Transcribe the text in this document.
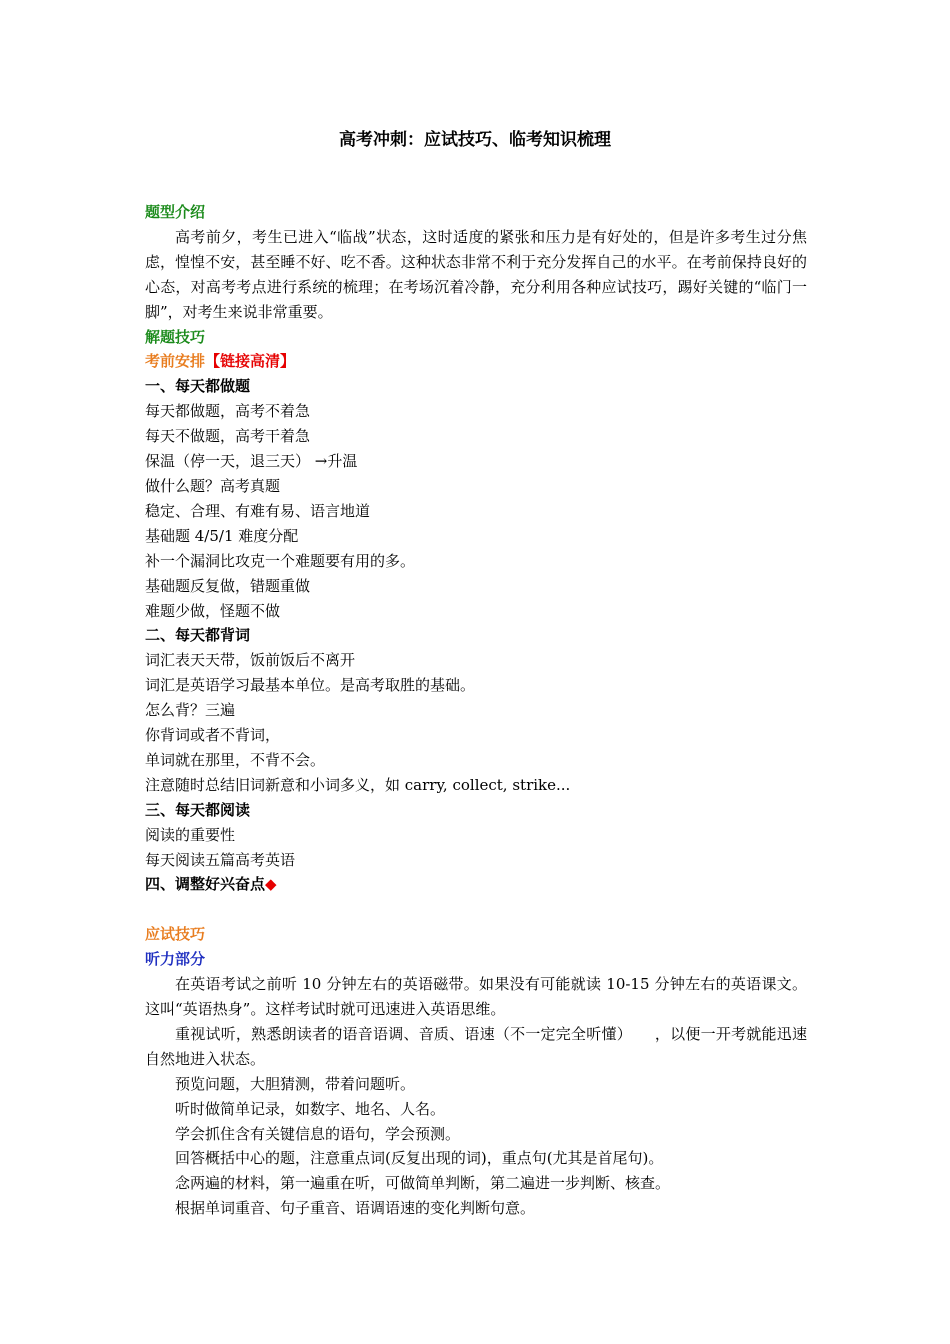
高考冲刺：应试技巧、临考知识梳理

题型介绍

高考前夕，考生已进入“临战”状态，这时适度的紧张和压力是有好处的，但是许多考生过分焦虑，惶惶不安，甚至睡不好、吃不香。这种状态非常不利于充分发挥自己的水平。在考前保持良好的心态，对高考考点进行系统的梳理；在考场沉着冷静，充分利用各种应试技巧，踢好关键的“临门一脚”，对考生来说非常重要。

解题技巧

考前安排【链接高清】

一、每天都做题

每天都做题，高考不着急

每天不做题，高考干着急

保温（停一天，退三天） →升温

做什么题？高考真题

稳定、合理、有难有易、语言地道

基础题 4/5/1 难度分配

补一个漏洞比攻克一个难题要有用的多。

基础题反复做，错题重做

难题少做，怪题不做

二、每天都背词

词汇表天天带，饭前饭后不离开

词汇是英语学习最基本单位。是高考取胜的基础。

怎么背？三遍

你背词或者不背词，

单词就在那里，不背不会。

注意随时总结旧词新意和小词多义，如 carry, collect, strike...

三、每天都阅读

阅读的重要性

每天阅读五篇高考英语

四、调整好兴奋点◆

应试技巧

听力部分

在英语考试之前听 10 分钟左右的英语磁带。如果没有可能就读 10-15 分钟左右的英语课文。这叫“英语热身”。这样考试时就可迅速进入英语思维。

重视试听，熟悉朗读者的语音语调、音质、语速（不一定完全听懂）　　，以便一开考就能迅速自然地进入状态。

预览问题，大胆猜测，带着问题听。

听时做简单记录，如数字、地名、人名。

学会抓住含有关键信息的语句，学会预测。

回答概括中心的题，注意重点词(反复出现的词)，重点句(尤其是首尾句)。

念两遍的材料，第一遍重在听，可做简单判断，第二遍进一步判断、核查。

根据单词重音、句子重音、语调语速的变化判断句意。
